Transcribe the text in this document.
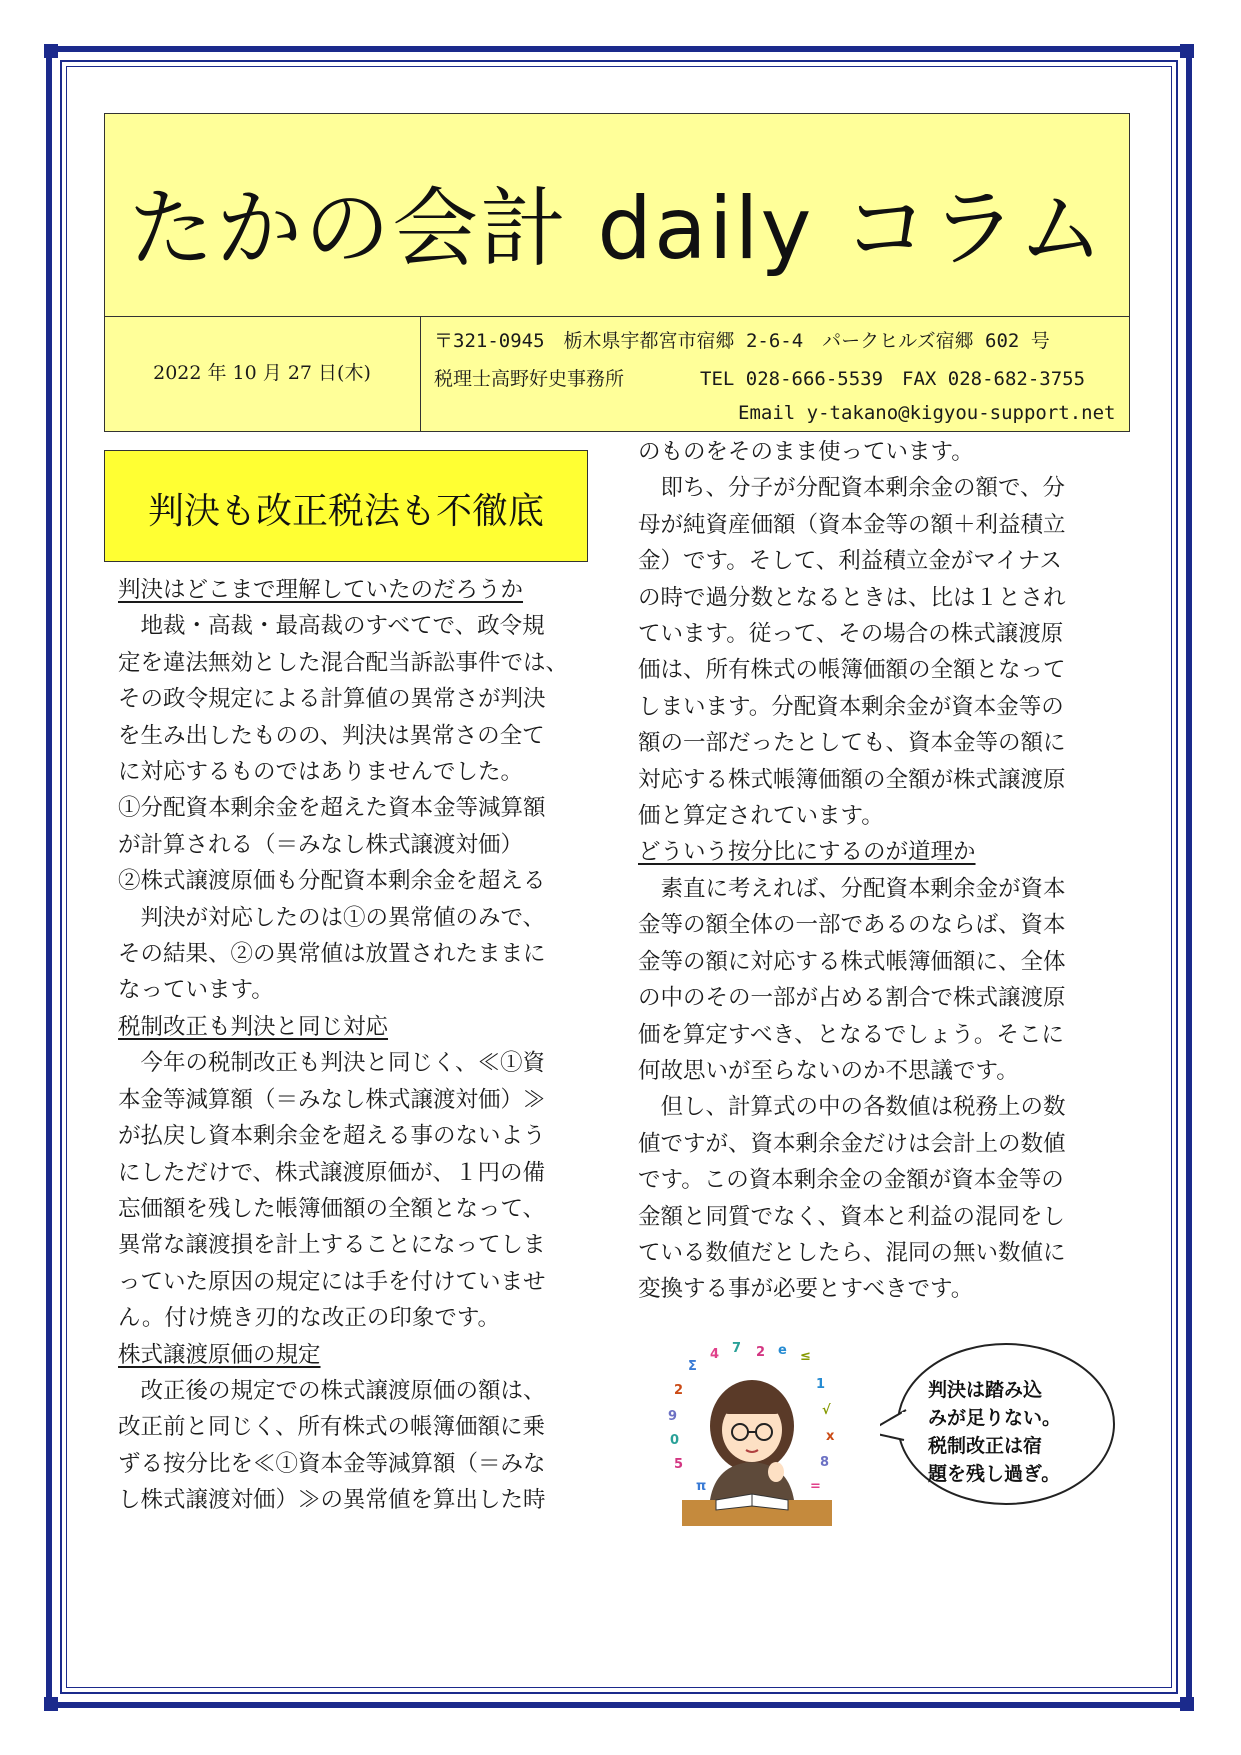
たかの会計 daily コラム
2022 年 10 月 27 日(木)
〒321-0945　栃木県宇都宮市宿郷 2-6-4　パークヒルズ宿郷 602 号
税理士高野好史事務所　　　　TEL 028-666-5539　FAX 028-682-3755
Email y-takano@kigyou-support.net
判決も改正税法も不徹底

判決はどこまで理解していたのだろうか

　地裁・高裁・最高裁のすべてで、政令規

定を違法無効とした混合配当訴訟事件では、

その政令規定による計算値の異常さが判決

を生み出したものの、判決は異常さの全て

に対応するものではありませんでした。

①分配資本剰余金を超えた資本金等減算額

が計算される（＝みなし株式譲渡対価）

②株式譲渡原価も分配資本剰余金を超える

　判決が対応したのは①の異常値のみで、

その結果、②の異常値は放置されたままに

なっています。

税制改正も判決と同じ対応

　今年の税制改正も判決と同じく、≪①資

本金等減算額（＝みなし株式譲渡対価）≫

が払戻し資本剰余金を超える事のないよう

にしただけで、株式譲渡原価が、１円の備

忘価額を残した帳簿価額の全額となって、

異常な譲渡損を計上することになってしま

っていた原因の規定には手を付けていませ

ん。付け焼き刃的な改正の印象です。

株式譲渡原価の規定

　改正後の規定での株式譲渡原価の額は、

改正前と同じく、所有株式の帳簿価額に乗

ずる按分比を≪①資本金等減算額（＝みな

し株式譲渡対価）≫の異常値を算出した時

のものをそのまま使っています。

　即ち、分子が分配資本剰余金の額で、分

母が純資産価額（資本金等の額＋利益積立

金）です。そして、利益積立金がマイナス

の時で過分数となるときは、比は１とされ

ています。従って、その場合の株式譲渡原

価は、所有株式の帳簿価額の全額となって

しまいます。分配資本剰余金が資本金等の

額の一部だったとしても、資本金等の額に

対応する株式帳簿価額の全額が株式譲渡原

価と算定されています。

どういう按分比にするのが道理か

　素直に考えれば、分配資本剰余金が資本

金等の額全体の一部であるのならば、資本

金等の額に対応する株式帳簿価額に、全体

の中のその一部が占める割合で株式譲渡原

価を算定すべき、となるでしょう。そこに

何故思いが至らないのか不思議です。

　但し、計算式の中の各数値は税務上の数

値ですが、資本剰余金だけは会計上の数値

です。この資本剰余金の金額が資本金等の

金額と同質でなく、資本と利益の混同をし

ている数値だとしたら、混同の無い数値に

変換する事が必要とすべきです。

Σ
4 7 2 e ≤
2
9
0
5
1
√
x
8
π	=

判決は踏み込

みが足りない。

税制改正は宿

題を残し過ぎ。
